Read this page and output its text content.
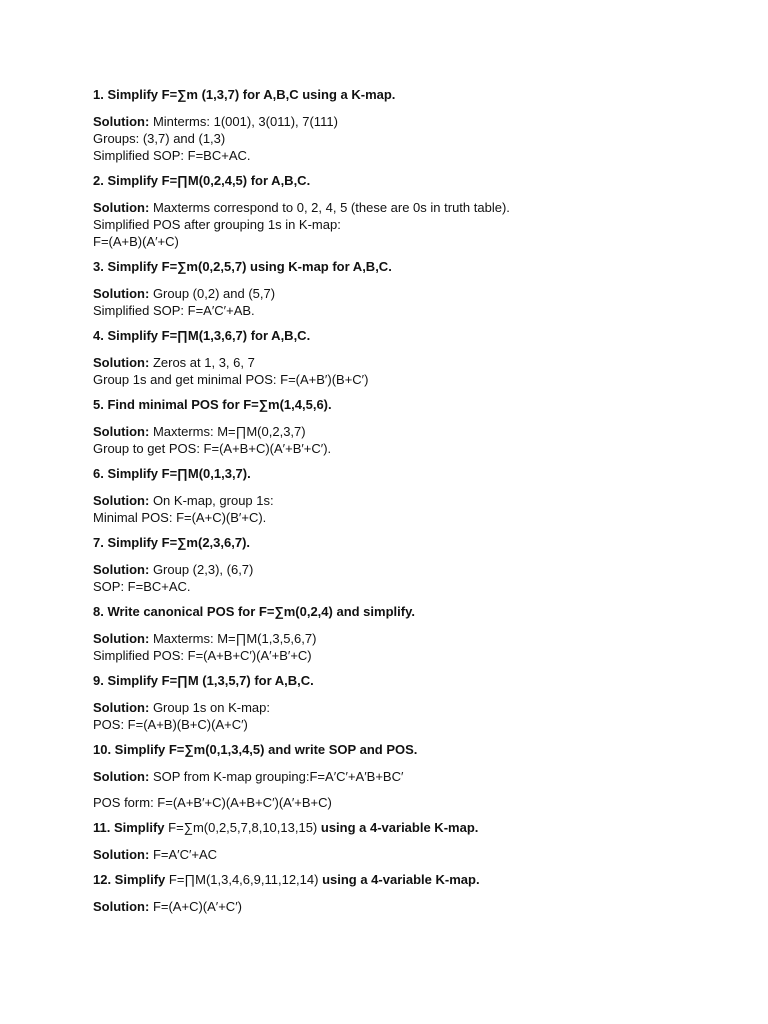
1. Simplify F=∑m (1,3,7) for A,B,C using a K-map.

Solution: Minterms: 1(001), 3(011), 7(111)

Groups: (3,7) and (1,3)

Simplified SOP: F=BC+AC.

2. Simplify F=∏M(0,2,4,5) for A,B,C.

Solution: Maxterms correspond to 0, 2, 4, 5 (these are 0s in truth table).

Simplified POS after grouping 1s in K-map:

F=(A+B)(A′+C)

3. Simplify F=∑m(0,2,5,7) using K-map for A,B,C.

Solution: Group (0,2) and (5,7)

Simplified SOP: F=A′C′+AB.

4. Simplify F=∏M(1,3,6,7) for A,B,C.

Solution: Zeros at 1, 3, 6, 7

Group 1s and get minimal POS: F=(A+B′)(B+C′)

5. Find minimal POS for F=∑m(1,4,5,6).

Solution: Maxterms: M=∏M(0,2,3,7)

Group to get POS: F=(A+B+C)(A′+B′+C′).

6. Simplify F=∏M(0,1,3,7).

Solution: On K-map, group 1s:

Minimal POS: F=(A+C)(B′+C).

7. Simplify F=∑m(2,3,6,7).

Solution: Group (2,3), (6,7)

SOP: F=BC+AC.

8. Write canonical POS for F=∑m(0,2,4) and simplify.

Solution: Maxterms: M=∏M(1,3,5,6,7)

Simplified POS: F=(A+B+C′)(A′+B′+C)

9. Simplify F=∏M (1,3,5,7) for A,B,C.

Solution: Group 1s on K-map:

POS: F=(A+B)(B+C)(A+C′)

10. Simplify F=∑m(0,1,3,4,5) and write SOP and POS.

Solution: SOP from K-map grouping:F=A′C′+A′B+BC′

POS form: F=(A+B′+C)(A+B+C′)(A′+B+C)

11. Simplify F=∑m(0,2,5,7,8,10,13,15) using a 4-variable K-map.

Solution: F=A′C′+AC

12. Simplify F=∏M(1,3,4,6,9,11,12,14) using a 4-variable K-map.

Solution: F=(A+C)(A′+C′)
